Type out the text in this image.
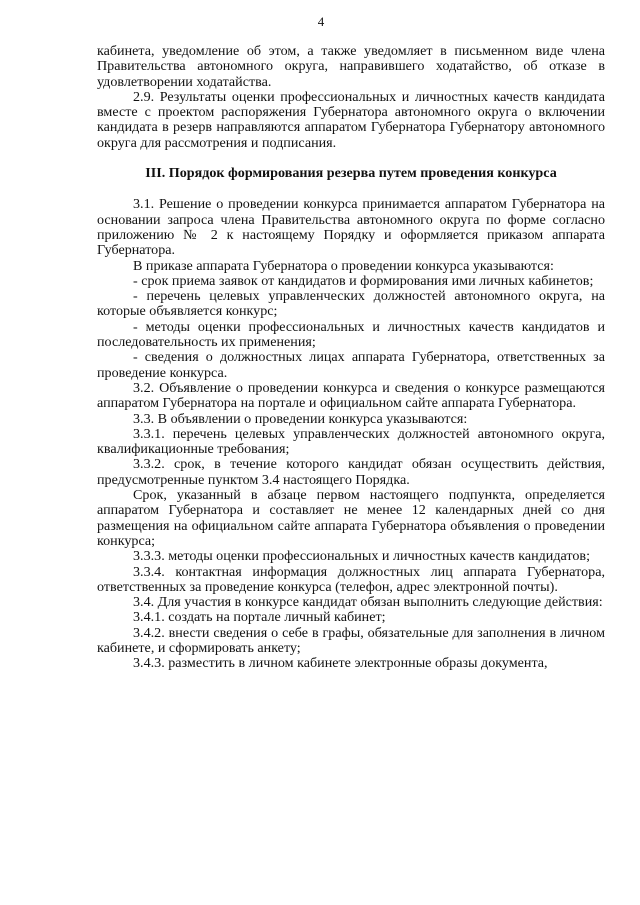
4

кабинета, уведомление об этом, а также уведомляет в письменном виде члена Правительства автономного округа, направившего ходатайство, об отказе в удовлетворении ходатайства.

2.9. Результаты оценки профессиональных и личностных качеств кандидата вместе с проектом распоряжения Губернатора автономного округа о включении кандидата в резерв направляются аппаратом Губернатора Губернатору автономного округа для рассмотрения и подписания.

III. Порядок формирования резерва путем проведения конкурса

3.1. Решение о проведении конкурса принимается аппаратом Губернатора на основании запроса члена Правительства автономного округа по форме согласно приложению № 2 к настоящему Порядку и оформляется приказом аппарата Губернатора.

В приказе аппарата Губернатора о проведении конкурса указываются:

- срок приема заявок от кандидатов и формирования ими личных кабинетов;

- перечень целевых управленческих должностей автономного округа, на которые объявляется конкурс;

- методы оценки профессиональных и личностных качеств кандидатов и последовательность их применения;

- сведения о должностных лицах аппарата Губернатора, ответственных за проведение конкурса.

3.2. Объявление о проведении конкурса и сведения о конкурсе размещаются аппаратом Губернатора на портале и официальном сайте аппарата Губернатора.

3.3. В объявлении о проведении конкурса указываются:

3.3.1. перечень целевых управленческих должностей автономного округа, квалификационные требования;

3.3.2. срок, в течение которого кандидат обязан осуществить действия, предусмотренные пунктом 3.4 настоящего Порядка.

Срок, указанный в абзаце первом настоящего подпункта, определяется аппаратом Губернатора и составляет не менее 12 календарных дней со дня размещения на официальном сайте аппарата Губернатора объявления о проведении конкурса;

3.3.3. методы оценки профессиональных и личностных качеств кандидатов;

3.3.4. контактная информация должностных лиц аппарата Губернатора, ответственных за проведение конкурса (телефон, адрес электронной почты).

3.4. Для участия в конкурсе кандидат обязан выполнить следующие действия:

3.4.1. создать на портале личный кабинет;

3.4.2. внести сведения о себе в графы, обязательные для заполнения в личном кабинете, и сформировать анкету;

3.4.3. разместить в личном кабинете электронные образы документа,
